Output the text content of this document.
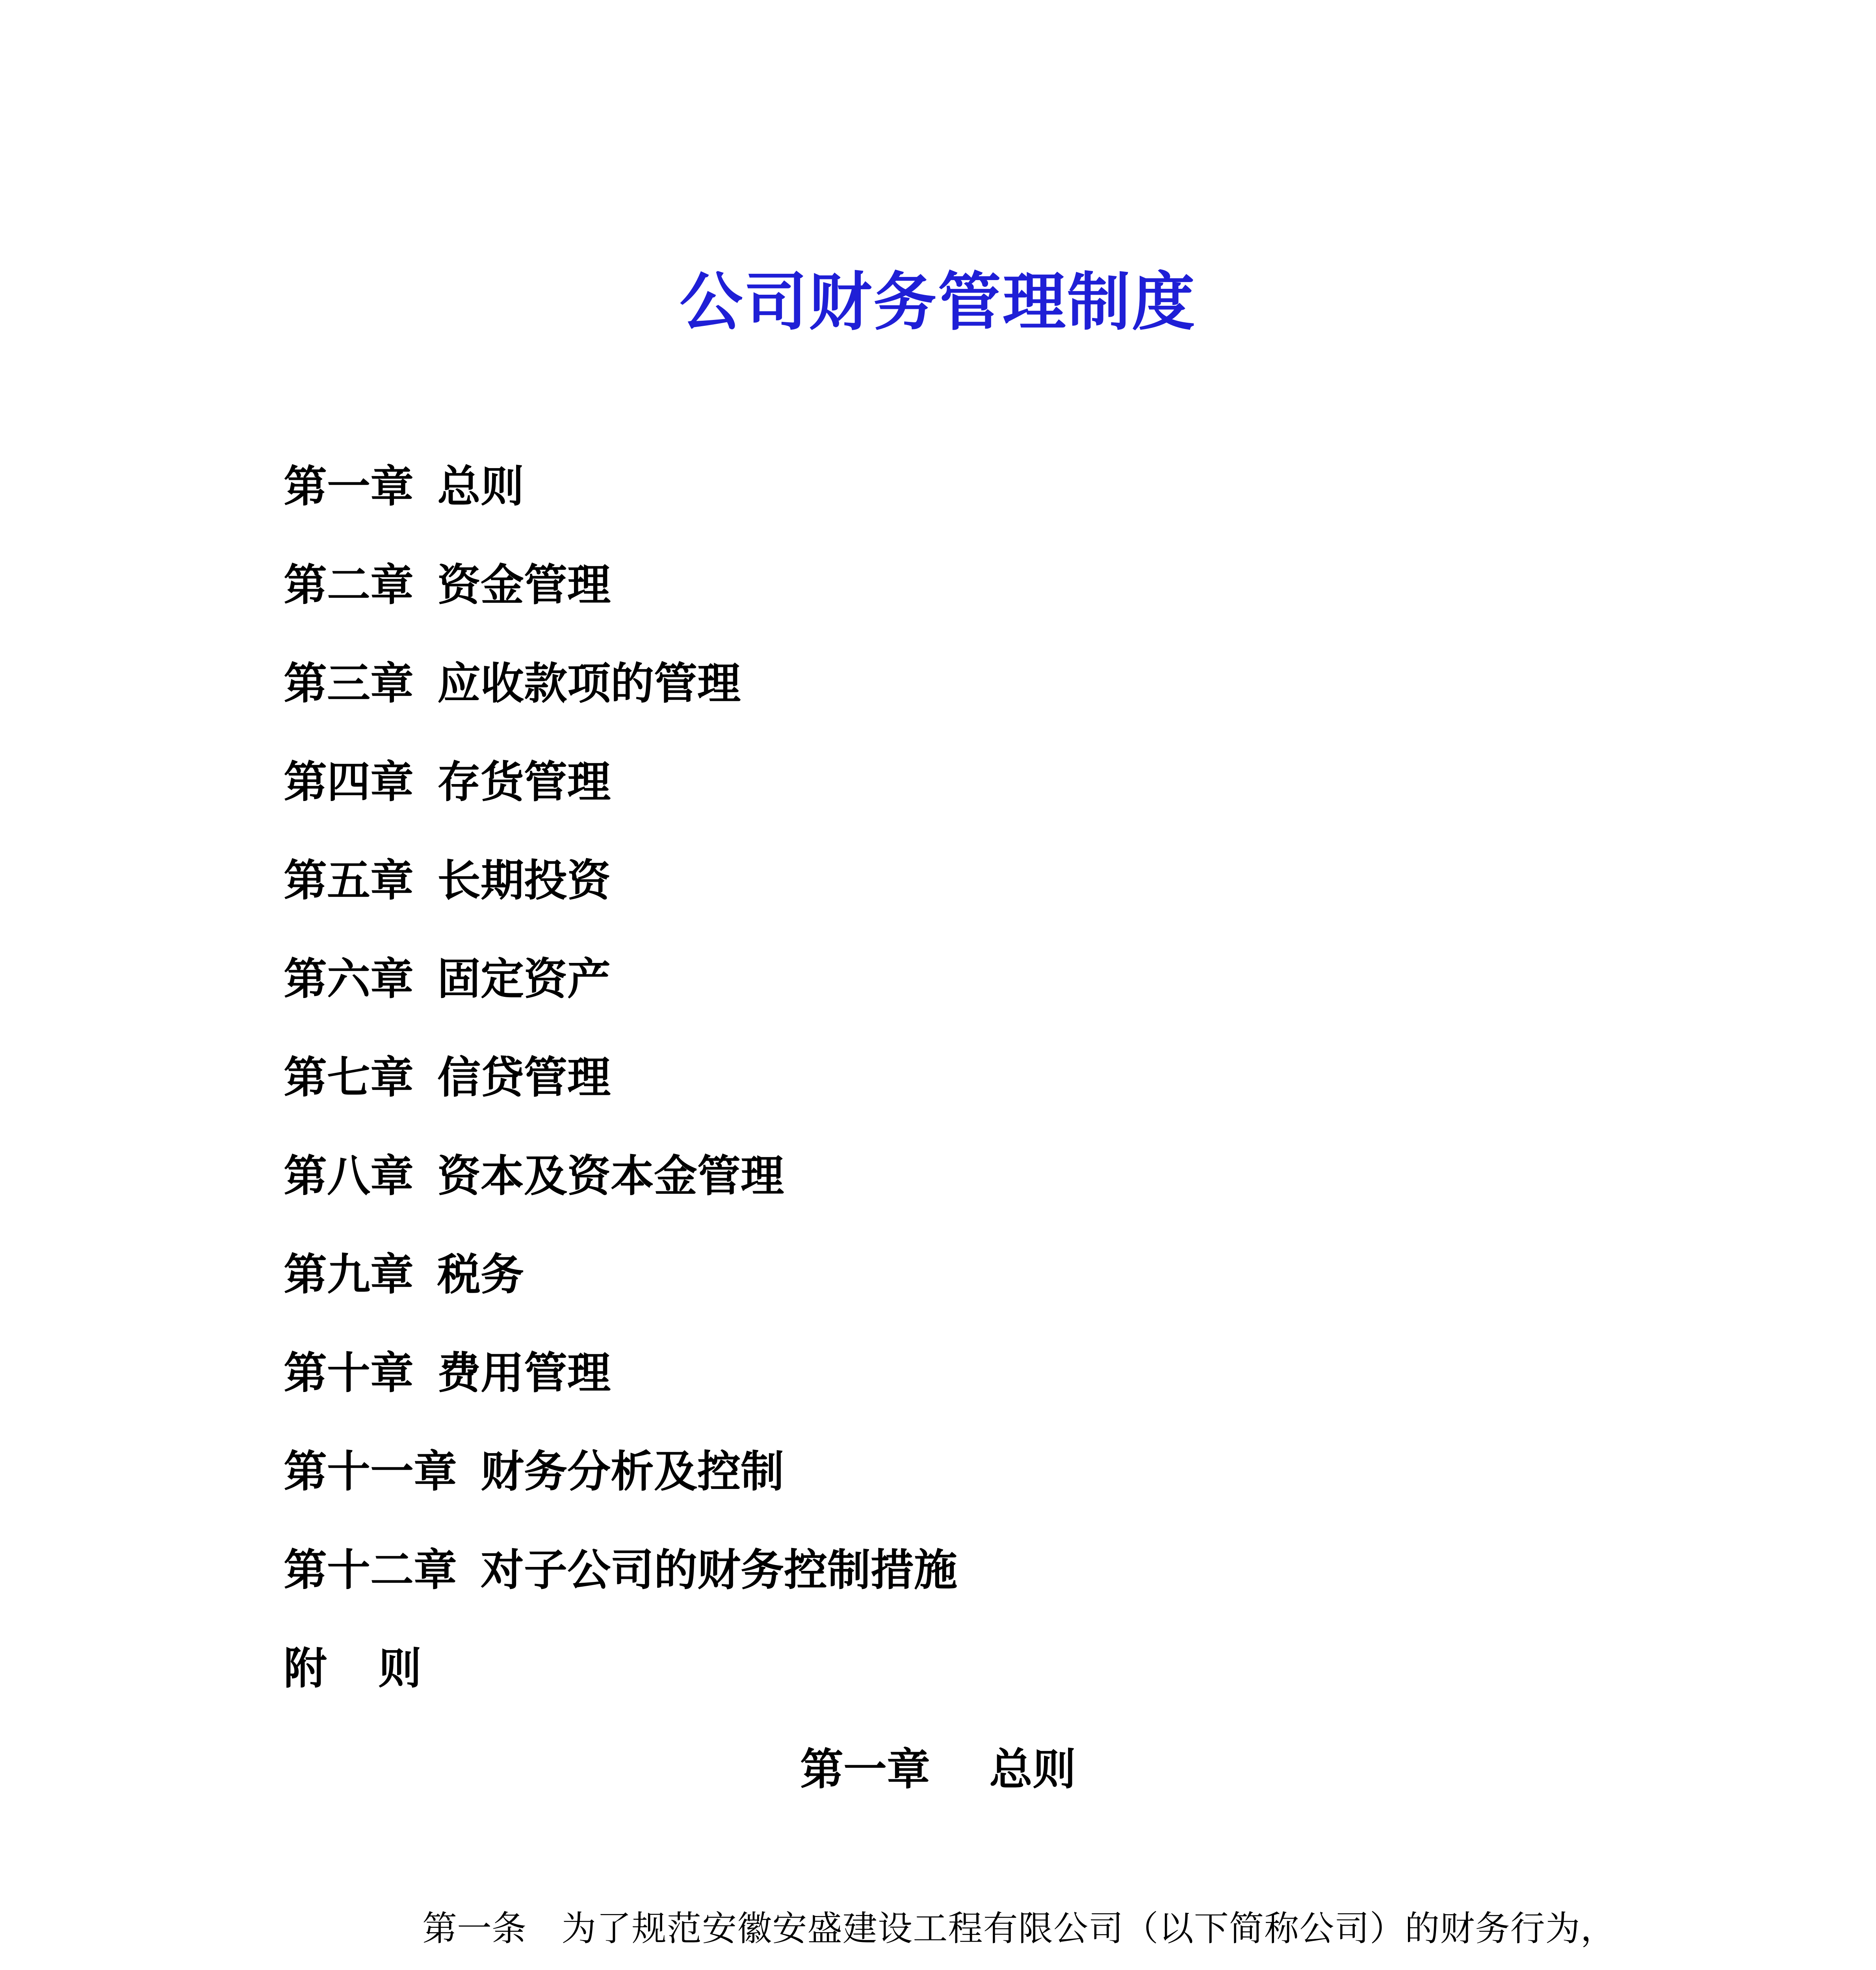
公司财务管理制度
第一章 总则
第二章 资金管理
第三章 应收款项的管理
第四章 存货管理
第五章 长期投资
第六章 固定资产
第七章 信贷管理
第八章 资本及资本金管理
第九章 税务
第十章 费用管理
第十一章 财务分析及控制
第十二章 对子公司的财务控制措施
附 则
第一章 总则

第一条 为了规范安徽安盛建设工程有限公司（以下简称公司）的财务行为，
